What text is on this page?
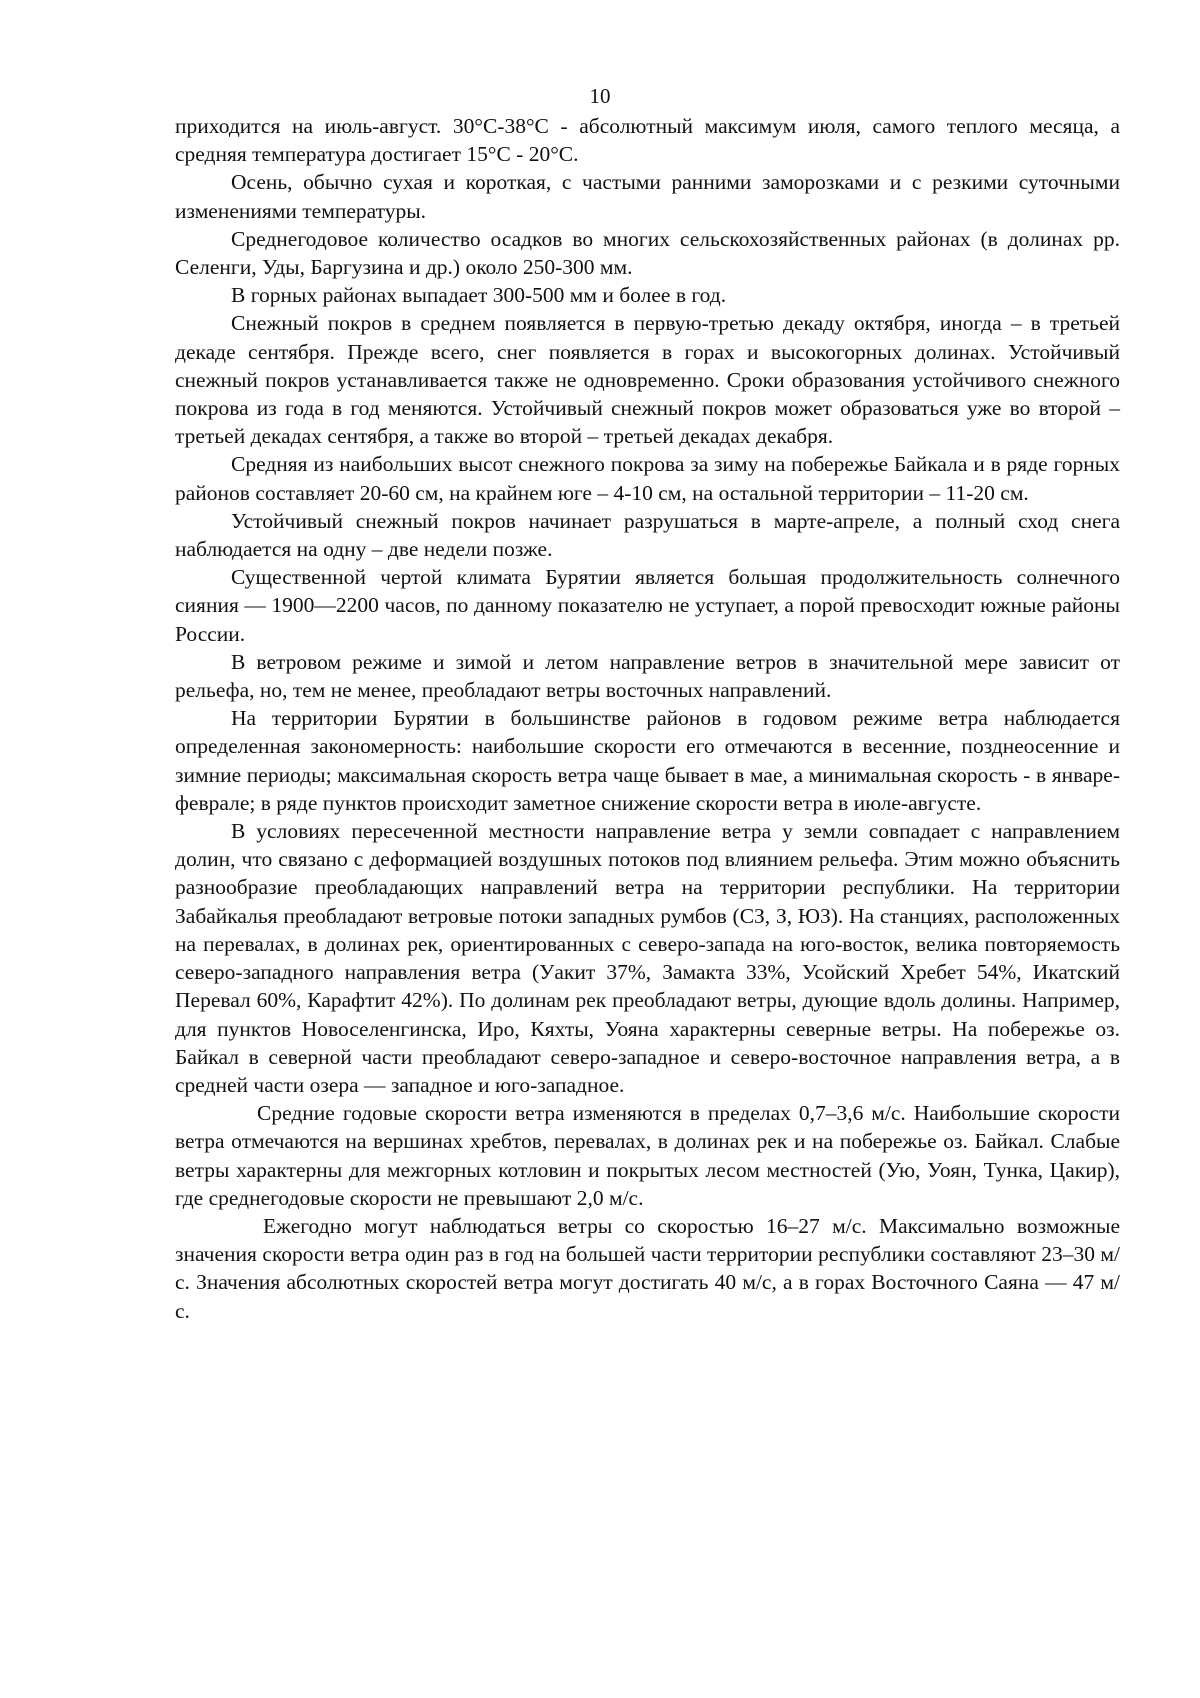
10

приходится на июль-август. 30°С-38°С - абсолютный максимум июля, самого теплого месяца, а средняя температура достигает 15°С - 20°С.

Осень, обычно сухая и короткая, с частыми ранними заморозками и с резкими суточными изменениями температуры.

Среднегодовое количество осадков во многих сельскохозяйственных районах (в долинах рр. Селенги, Уды, Баргузина и др.) около 250-300 мм.

В горных районах выпадает 300-500 мм и более в год.

Снежный покров в среднем появляется в первую-третью декаду октября, иногда – в третьей декаде сентября. Прежде всего, снег появляется в горах и высокогорных долинах. Устойчивый снежный покров устанавливается также не одновременно. Сроки образования устойчивого снежного покрова из года в год меняются. Устойчивый снежный покров может образоваться уже во второй – третьей декадах сентября, а также во второй – третьей декадах декабря.

Средняя из наибольших высот снежного покрова за зиму на побережье Байкала и в ряде горных районов составляет 20-60 см, на крайнем юге – 4-10 см, на остальной территории – 11-20 см.

Устойчивый снежный покров начинает разрушаться в марте-апреле, а полный сход снега наблюдается на одну – две недели позже.

Существенной чертой климата Бурятии является большая продолжительность солнечного сияния — 1900—2200 часов, по данному показателю не уступает, а порой превосходит южные районы России.

В ветровом режиме и зимой и летом направление ветров в значительной мере зависит от рельефа, но, тем не менее, преобладают ветры восточных направлений.

На территории Бурятии в большинстве районов в годовом режиме ветра наблюдается определенная закономерность: наибольшие скорости его отмечаются в весенние, позднеосенние и зимние периоды; максимальная скорость ветра чаще бывает в мае, а минимальная скорость - в январе-феврале; в ряде пунктов происходит заметное снижение скорости ветра в июле-августе.

В условиях пересеченной местности направление ветра у земли совпадает с направлением долин, что связано с деформацией воздушных потоков под влиянием рельефа. Этим можно объяснить разнообразие преобладающих направлений ветра на территории республики. На территории Забайкалья преобладают ветровые потоки западных румбов (СЗ, З, ЮЗ). На станциях, расположенных на перевалах, в долинах рек, ориентированных с северо-запада на юго-восток, велика повторяемость северо-западного направления ветра (Уакит 37%, Замакта 33%, Усойский Хребет 54%, Икатский Перевал 60%, Карафтит 42%). По долинам рек преобладают ветры, дующие вдоль долины. Например, для пунктов Новоселенгинска, Иро, Кяхты, Уояна характерны северные ветры. На побережье оз. Байкал в северной части преобладают северо-западное и северо-восточное направления ветра, а в средней части озера — западное и юго-западное.

Средние годовые скорости ветра изменяются в пределах 0,7–3,6 м/с. Наибольшие скорости ветра отмечаются на вершинах хребтов, перевалах, в долинах рек и на побережье оз. Байкал. Слабые ветры характерны для межгорных котловин и покрытых лесом местностей (Ую, Уоян, Тунка, Цакир), где среднегодовые скорости не превышают 2,0 м/с.

Ежегодно могут наблюдаться ветры со скоростью 16–27 м/с. Максимально возможные значения скорости ветра один раз в год на большей части территории республики составляют 23–30 м/с. Значения абсолютных скоростей ветра могут достигать 40 м/с, а в горах Восточного Саяна — 47 м/с.
